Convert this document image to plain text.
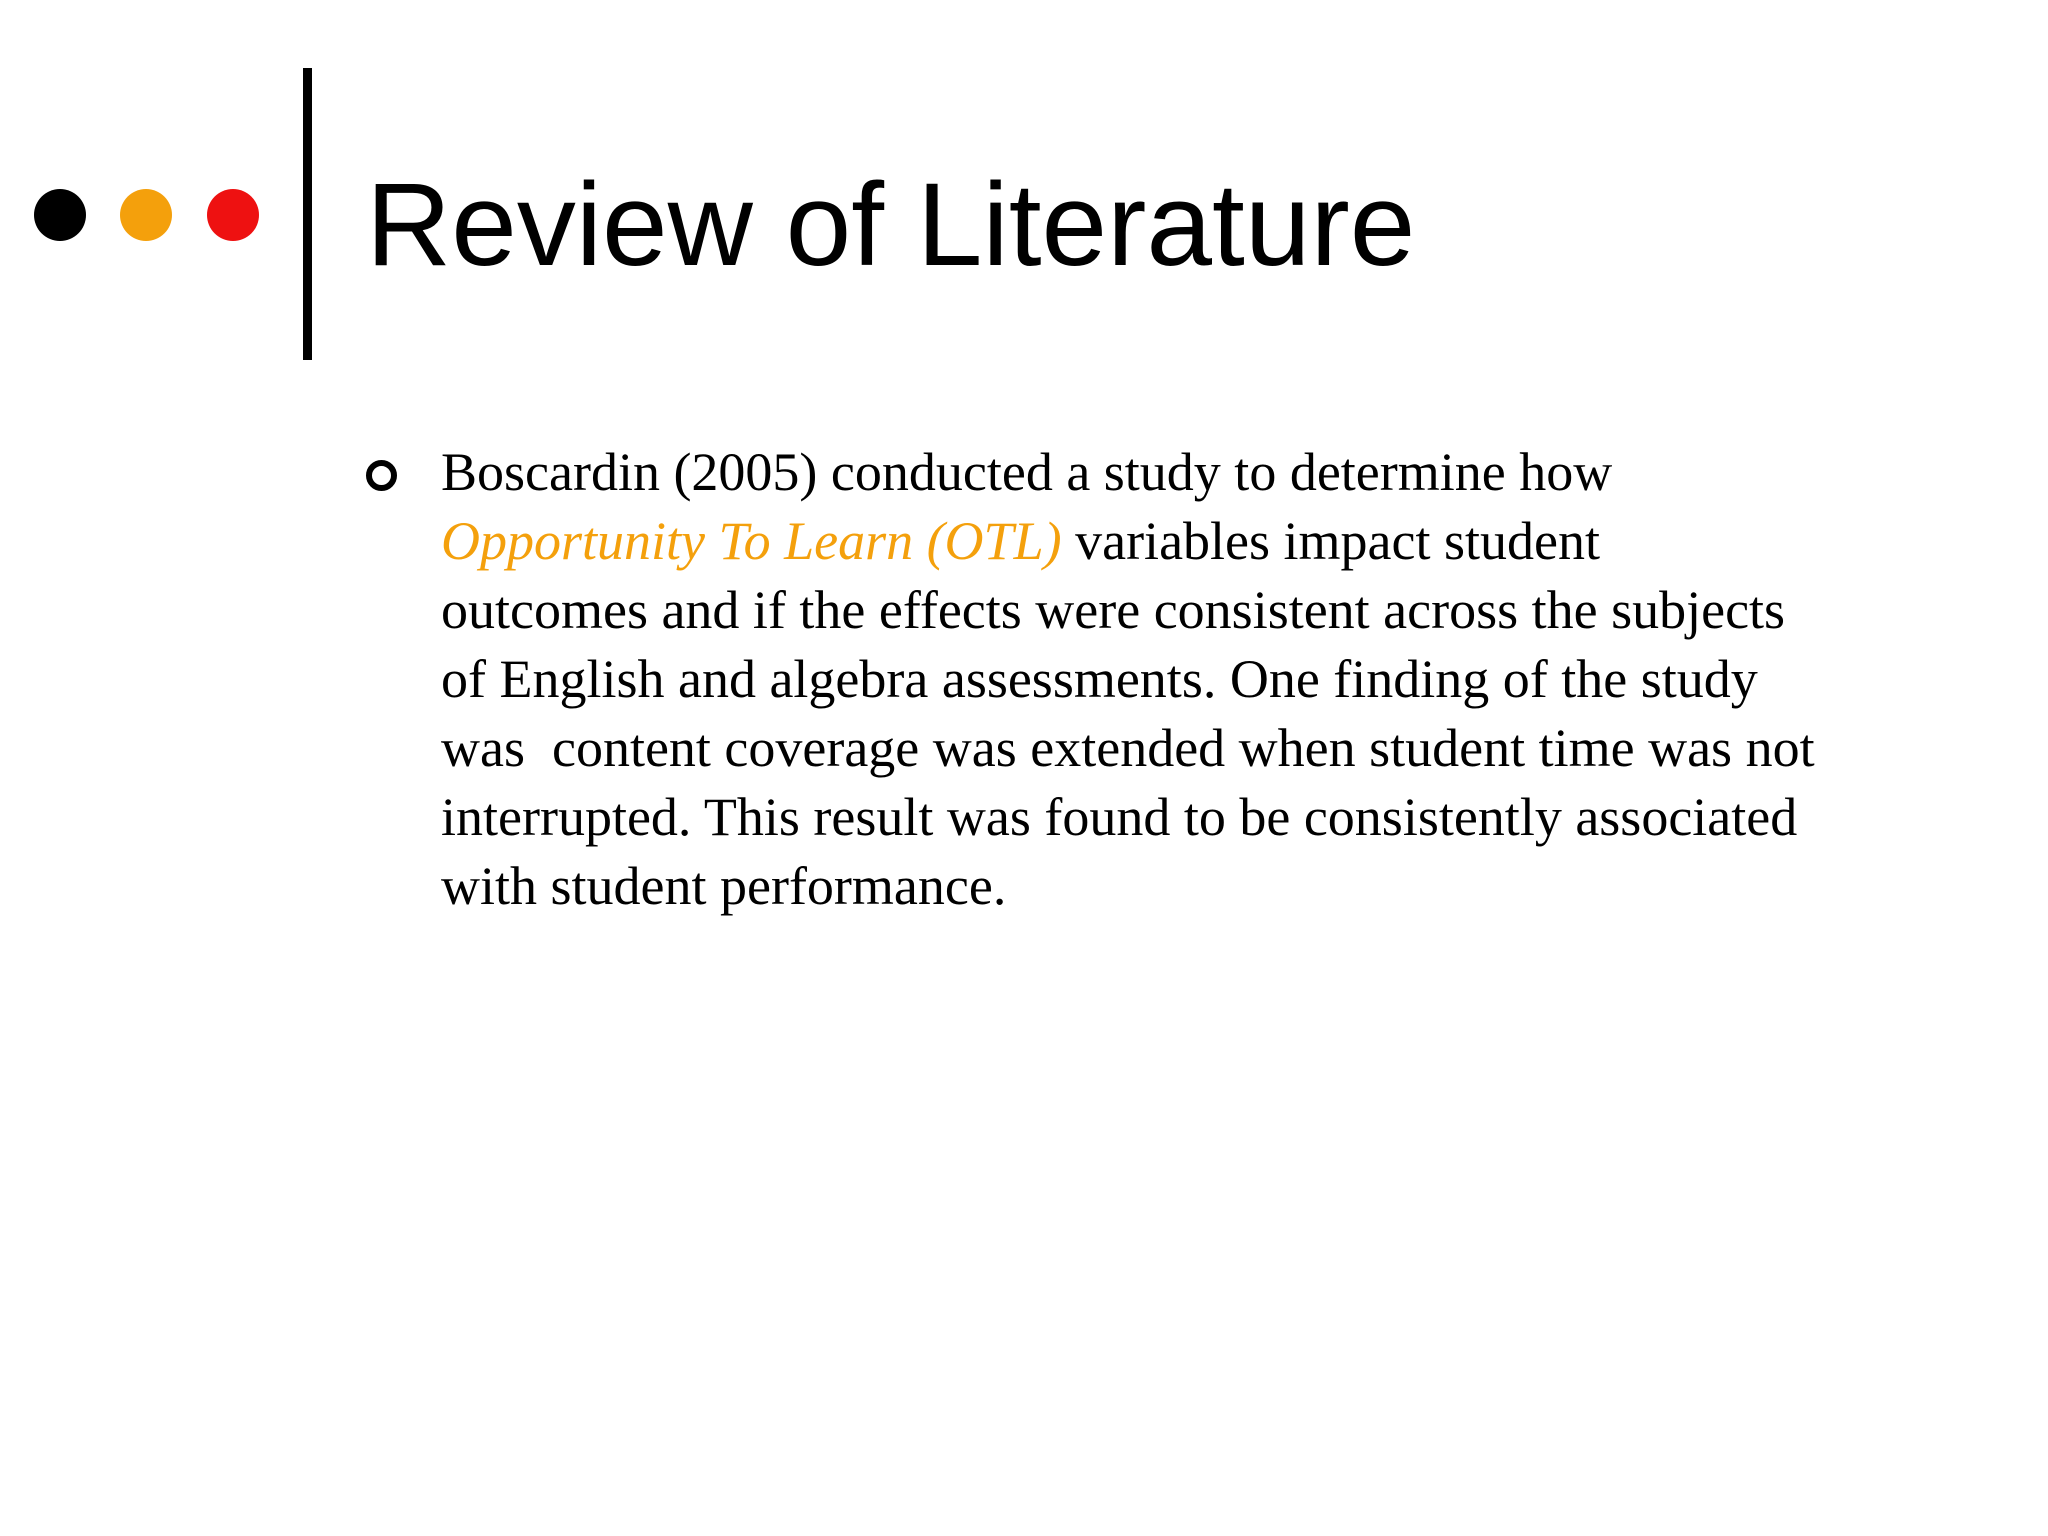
Review of Literature

Boscardin (2005) conducted a study to determine how
Opportunity To Learn (OTL) variables impact student
outcomes and if the effects were consistent across the subjects
of English and algebra assessments. One finding of the study
was  content coverage was extended when student time was not
interrupted. This result was found to be consistently associated
with student performance.
